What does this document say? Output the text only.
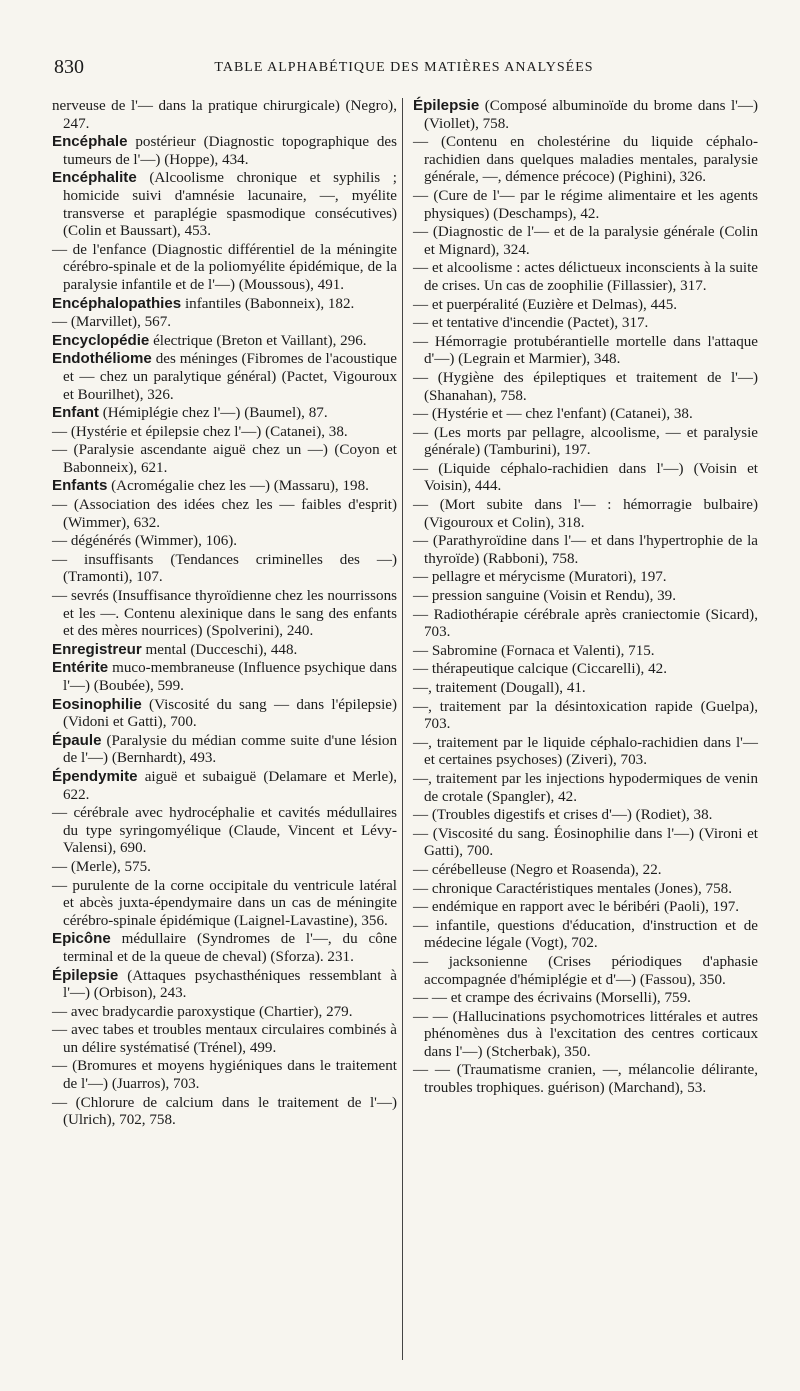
830	TABLE ALPHABÉTIQUE DES MATIÈRES ANALYSÉES

nerveuse de l'— dans la pratique chirurgicale) (Negro), 247.

Encéphale postérieur (Diagnostic topographique des tumeurs de l'—) (Hoppe), 434.

Encéphalite (Alcoolisme chronique et syphilis ; homicide suivi d'amnésie lacunaire, —, myélite transverse et paraplégie spasmodique consécutives) (Colin et Baussart), 453.

— de l'enfance (Diagnostic différentiel de la méningite cérébro-spinale et de la poliomyélite épidémique, de la paralysie infantile et de l'—) (Moussous), 491.

Encéphalopathies infantiles (Babonneix), 182.

— (Marvillet), 567.

Encyclopédie électrique (Breton et Vaillant), 296.

Endothéliome des méninges (Fibromes de l'acoustique et — chez un paralytique général) (Pactet, Vigouroux et Bourilhet), 326.

Enfant (Hémiplégie chez l'—) (Baumel), 87.

— (Hystérie et épilepsie chez l'—) (Catanei), 38.

— (Paralysie ascendante aiguë chez un —) (Coyon et Babonneix), 621.

Enfants (Acromégalie chez les —) (Massaru), 198.

— (Association des idées chez les — faibles d'esprit) (Wimmer), 632.

— dégénérés (Wimmer), 106).

— insuffisants (Tendances criminelles des —) (Tramonti), 107.

— sevrés (Insuffisance thyroïdienne chez les nourrissons et les —. Contenu alexinique dans le sang des enfants et des mères nourrices) (Spolverini), 240.

Enregistreur mental (Ducceschi), 448.

Entérite muco-membraneuse (Influence psychique dans l'—) (Boubée), 599.

Eosinophilie (Viscosité du sang — dans l'épilepsie) (Vidoni et Gatti), 700.

Épaule (Paralysie du médian comme suite d'une lésion de l'—) (Bernhardt), 493.

Épendymite aiguë et subaiguë (Delamare et Merle), 622.

— cérébrale avec hydrocéphalie et cavités médullaires du type syringomyélique (Claude, Vincent et Lévy-Valensi), 690.

— (Merle), 575.

— purulente de la corne occipitale du ventricule latéral et abcès juxta-épendymaire dans un cas de méningite cérébro-spinale épidémique (Laignel-Lavastine), 356.

Epicône médullaire (Syndromes de l'—, du cône terminal et de la queue de cheval) (Sforza). 231.

Épilepsie (Attaques psychasthéniques ressemblant à l'—) (Orbison), 243.

— avec bradycardie paroxystique (Chartier), 279.

— avec tabes et troubles mentaux circulaires combinés à un délire systématisé (Trénel), 499.

— (Bromures et moyens hygiéniques dans le traitement de l'—) (Juarros), 703.

— (Chlorure de calcium dans le traitement de l'—) (Ulrich), 702, 758.

Épilepsie (Composé albuminoïde du brome dans l'—) (Viollet), 758.

— (Contenu en cholestérine du liquide céphalo-rachidien dans quelques maladies mentales, paralysie générale, —, démence précoce) (Pighini), 326.

— (Cure de l'— par le régime alimentaire et les agents physiques) (Deschamps), 42.

— (Diagnostic de l'— et de la paralysie générale (Colin et Mignard), 324.

— et alcoolisme : actes délictueux inconscients à la suite de crises. Un cas de zoophilie (Fillassier), 317.

— et puerpéralité (Euzière et Delmas), 445.

— et tentative d'incendie (Pactet), 317.

— Hémorragie protubérantielle mortelle dans l'attaque d'—) (Legrain et Marmier), 348.

— (Hygiène des épileptiques et traitement de l'—) (Shanahan), 758.

— (Hystérie et — chez l'enfant) (Catanei), 38.

— (Les morts par pellagre, alcoolisme, — et paralysie générale) (Tamburini), 197.

— (Liquide céphalo-rachidien dans l'—) (Voisin et Voisin), 444.

— (Mort subite dans l'— : hémorragie bulbaire) (Vigouroux et Colin), 318.

— (Parathyroïdine dans l'— et dans l'hypertrophie de la thyroïde) (Rabboni), 758.

— pellagre et mérycisme (Muratori), 197.

— pression sanguine (Voisin et Rendu), 39.

— Radiothérapie cérébrale après craniectomie (Sicard), 703.

— Sabromine (Fornaca et Valenti), 715.

— thérapeutique calcique (Ciccarelli), 42.

—, traitement (Dougall), 41.

—, traitement par la désintoxication rapide (Guelpa), 703.

—, traitement par le liquide céphalo-rachidien dans l'— et certaines psychoses) (Ziveri), 703.

—, traitement par les injections hypodermiques de venin de crotale (Spangler), 42.

— (Troubles digestifs et crises d'—) (Rodiet), 38.

— (Viscosité du sang. Éosinophilie dans l'—) (Vironi et Gatti), 700.

— cérébelleuse (Negro et Roasenda), 22.

— chronique Caractéristiques mentales (Jones), 758.

— endémique en rapport avec le béribéri (Paoli), 197.

— infantile, questions d'éducation, d'instruction et de médecine légale (Vogt), 702.

— jacksonienne (Crises périodiques d'aphasie accompagnée d'hémiplégie et d'—) (Fassou), 350.

— — et crampe des écrivains (Morselli), 759.

— — (Hallucinations psychomotrices littérales et autres phénomènes dus à l'excitation des centres corticaux dans l'—) (Stcherbak), 350.

— — (Traumatisme cranien, —, mélancolie délirante, troubles trophiques. guérison) (Marchand), 53.
